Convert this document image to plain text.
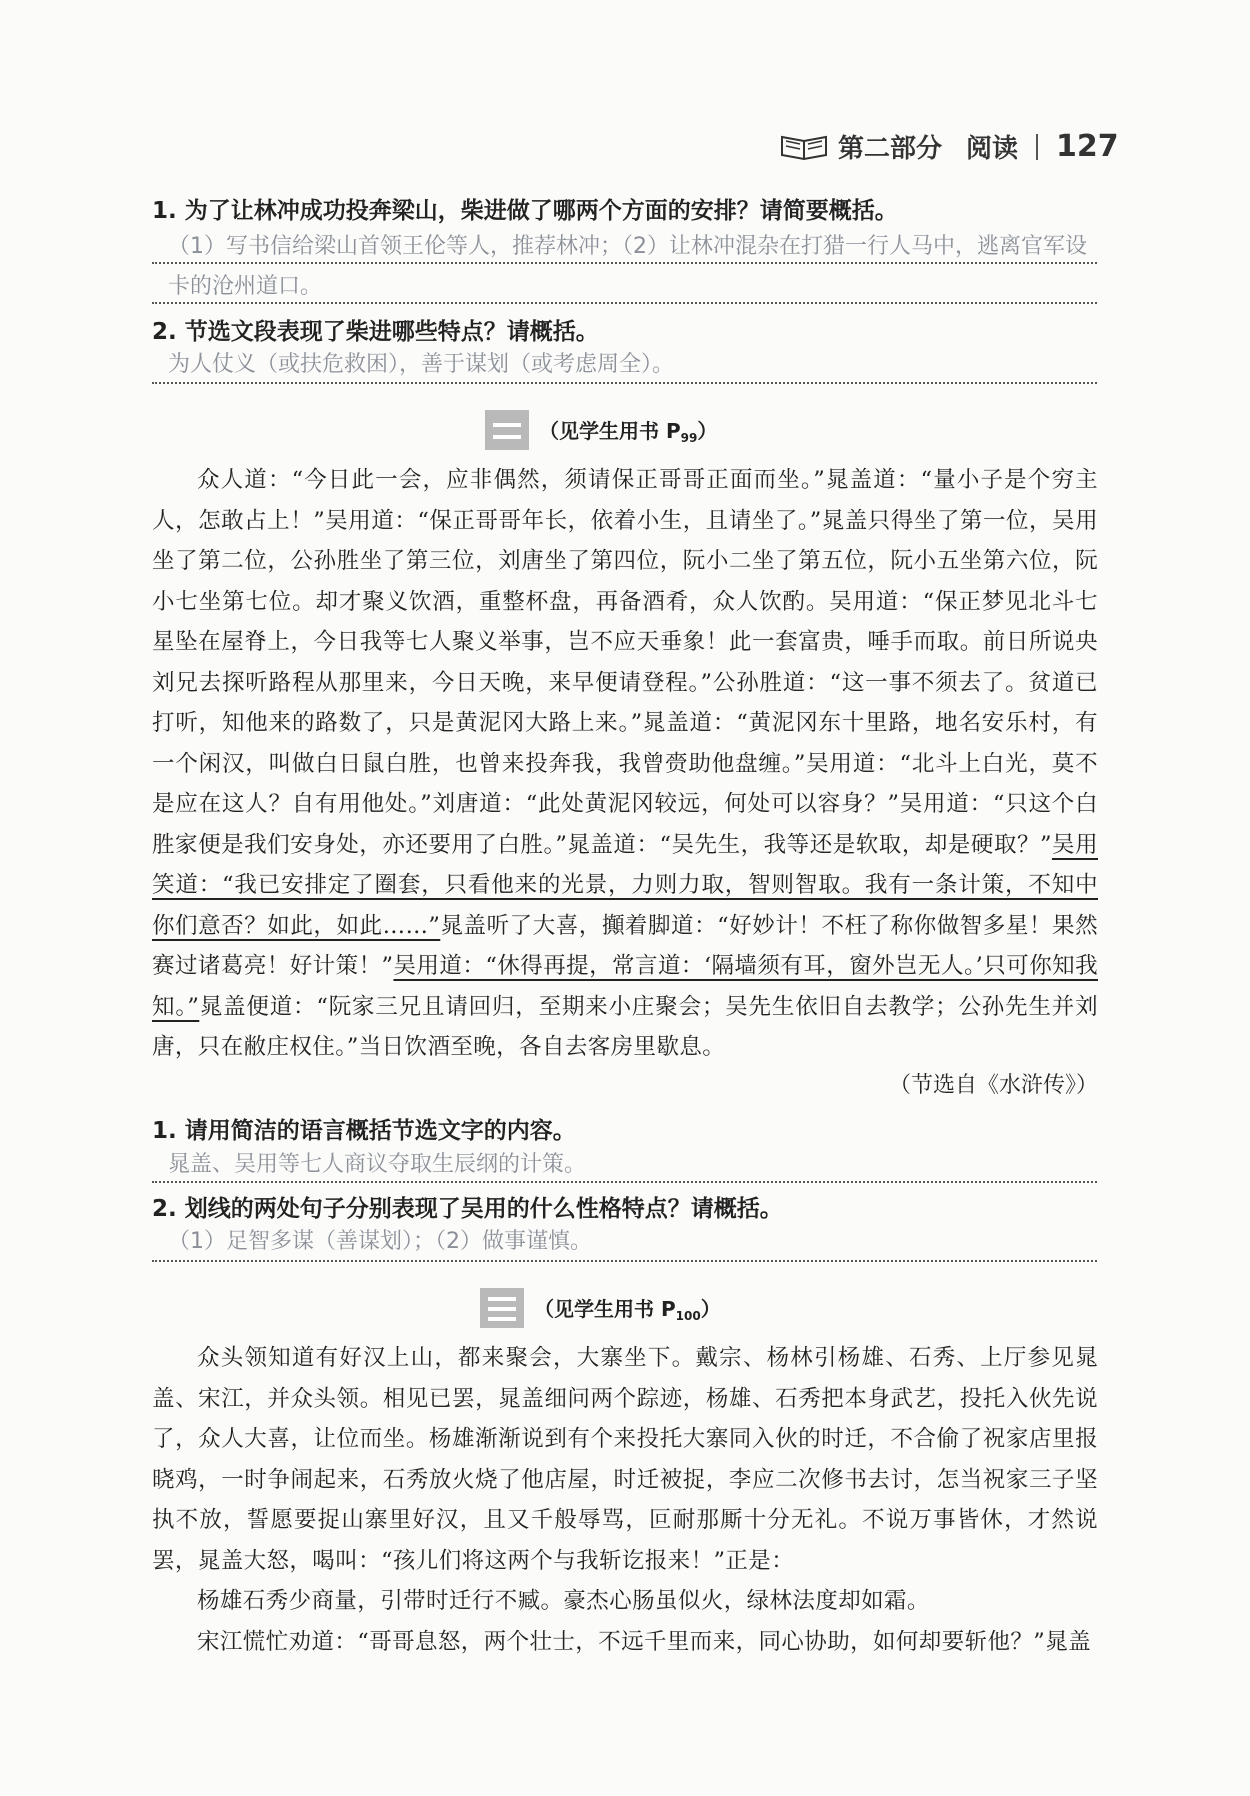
第二部分 阅读 127
1. 为了让林冲成功投奔梁山，柴进做了哪两个方面的安排？请简要概括。
（1）写书信给梁山首领王伦等人，推荐林冲；（2）让林冲混杂在打猎一行人马中，逃离官军设卡的沧州道口。
2. 节选文段表现了柴进哪些特点？请概括。
为人仗义（或扶危救困），善于谋划（或考虑周全）。
（见学生用书 $P_{99}$）

众人道：“今日此一会，应非偶然，须请保正哥哥正面而坐。”晁盖道：“量小子是个穷主人，怎敢占上！”吴用道：“保正哥哥年长，依着小生，且请坐了。”晁盖只得坐了第一位，吴用坐了第二位，公孙胜坐了第三位，刘唐坐了第四位，阮小二坐了第五位，阮小五坐第六位，阮小七坐第七位。却才聚义饮酒，重整杯盘，再备酒肴，众人饮酌。吴用道：“保正梦见北斗七星坠在屋脊上，今日我等七人聚义举事，岂不应天垂象！此一套富贵，唾手而取。前日所说央刘兄去探听路程从那里来，今日天晚，来早便请登程。”公孙胜道：“这一事不须去了。贫道已打听，知他来的路数了，只是黄泥冈大路上来。”晁盖道：“黄泥冈东十里路，地名安乐村，有一个闲汉，叫做白日鼠白胜，也曾来投奔我，我曾赍助他盘缠。”吴用道：“北斗上白光，莫不是应在这人？自有用他处。”刘唐道：“此处黄泥冈较远，何处可以容身？”吴用道：“只这个白胜家便是我们安身处，亦还要用了白胜。”晁盖道：“吴先生，我等还是软取，却是硬取？”吴用笑道：“我已安排定了圈套，只看他来的光景，力则力取，智则智取。我有一条计策，不知中你们意否？如此，如此……”晁盖听了大喜，攧着脚道：“好妙计！不枉了称你做智多星！果然赛过诸葛亮！好计策！”吴用道：“休得再提，常言道：‘隔墙须有耳，窗外岂无人。’只可你知我知。”晁盖便道：“阮家三兄且请回归，至期来小庄聚会；吴先生依旧自去教学；公孙先生并刘唐，只在敝庄权住。”当日饮酒至晚，各自去客房里歇息。

（节选自《水浒传》）
1. 请用简洁的语言概括节选文字的内容。
晁盖、吴用等七人商议夺取生辰纲的计策。
2. 划线的两处句子分别表现了吴用的什么性格特点？请概括。
（1）足智多谋（善谋划）；（2）做事谨慎。
（见学生用书 $P_{100}$）

众头领知道有好汉上山，都来聚会，大寨坐下。戴宗、杨林引杨雄、石秀、上厅参见晁盖、宋江，并众头领。相见已罢，晁盖细问两个踪迹，杨雄、石秀把本身武艺，投托入伙先说了，众人大喜，让位而坐。杨雄渐渐说到有个来投托大寨同入伙的时迁，不合偷了祝家店里报晓鸡，一时争闹起来，石秀放火烧了他店屋，时迁被捉，李应二次修书去讨，怎当祝家三子坚执不放，誓愿要捉山寨里好汉，且又千般辱骂，叵耐那厮十分无礼。不说万事皆休，才然说罢，晁盖大怒，喝叫：“孩儿们将这两个与我斩讫报来！”正是：

杨雄石秀少商量，引带时迁行不臧。豪杰心肠虽似火，绿林法度却如霜。

宋江慌忙劝道：“哥哥息怒，两个壮士，不远千里而来，同心协助，如何却要斩他？”晁盖
